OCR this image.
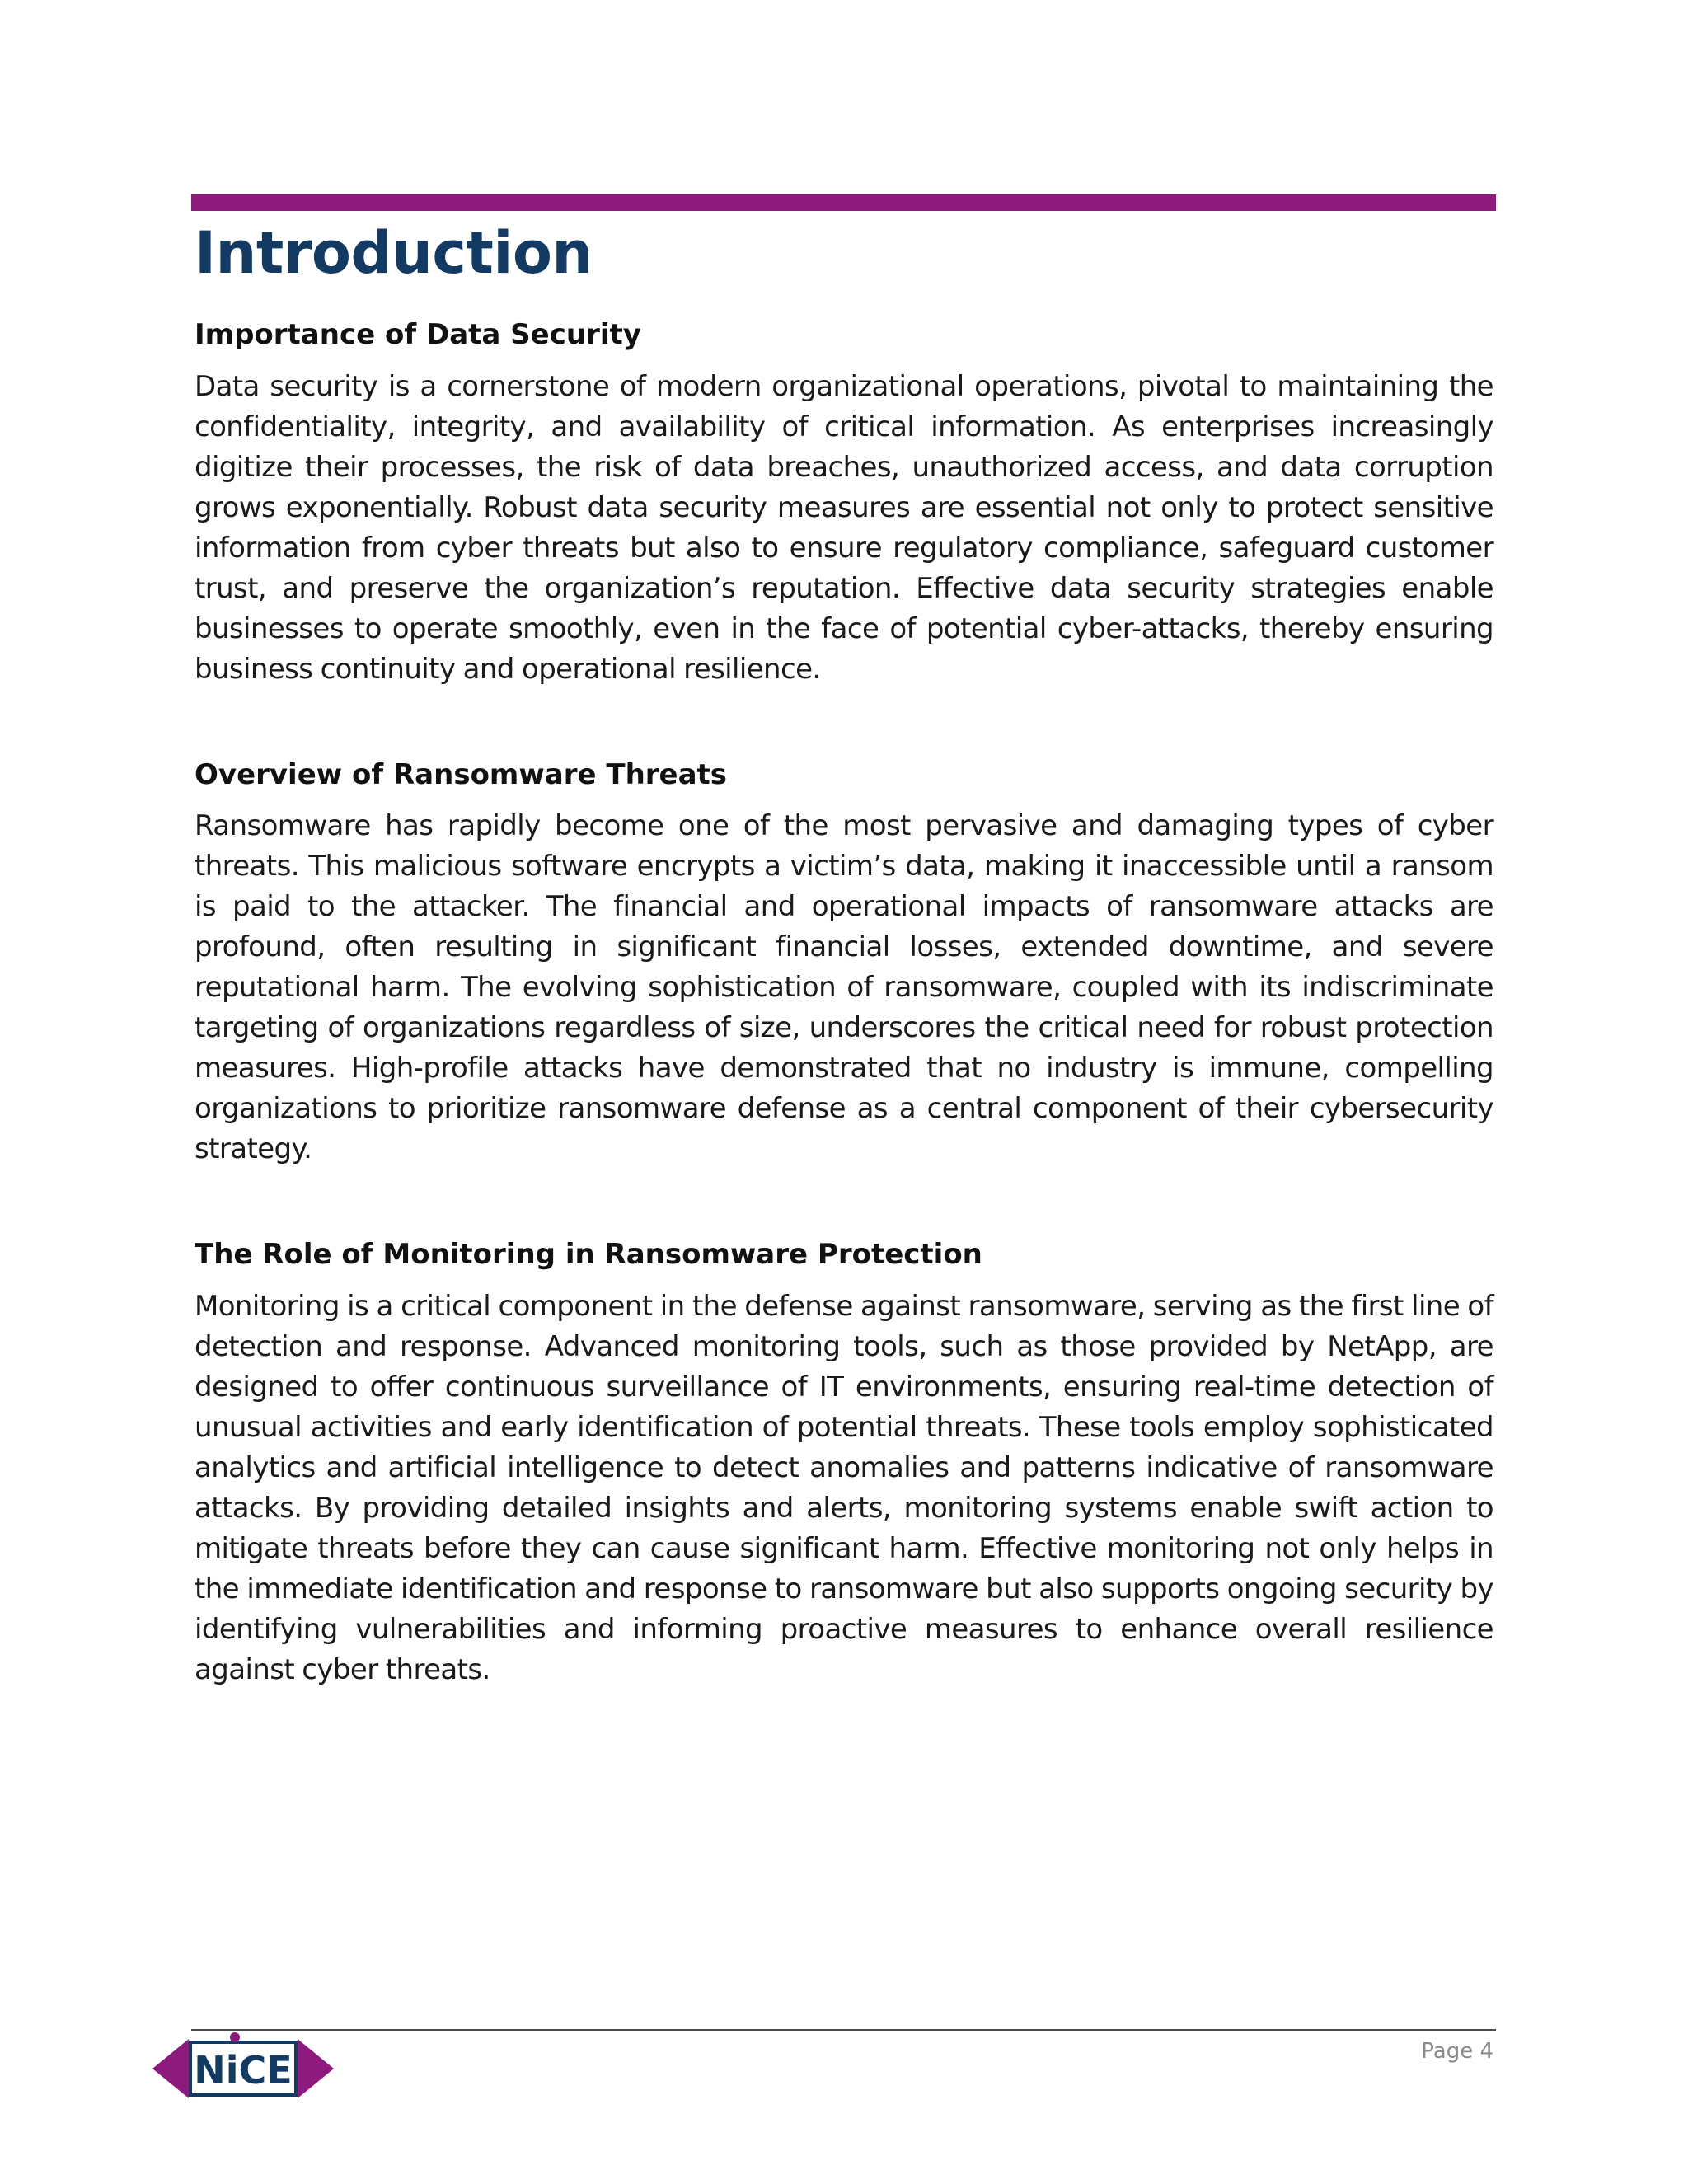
Introduction
Importance of Data Security

Data security is a cornerstone of modern organizational operations, pivotal to maintaining the confidentiality, integrity, and availability of critical information. As enterprises increasingly digitize their processes, the risk of data breaches, unauthorized access, and data corruption grows exponentially. Robust data security measures are essential not only to protect sensitive information from cyber threats but also to ensure regulatory compliance, safeguard customer trust, and preserve the organization’s reputation. Effective data security strategies enable businesses to operate smoothly, even in the face of potential cyber-attacks, thereby ensuring business continuity and operational resilience.

Overview of Ransomware Threats

Ransomware has rapidly become one of the most pervasive and damaging types of cyber threats. This malicious software encrypts a victim’s data, making it inaccessible until a ransom is paid to the attacker. The financial and operational impacts of ransomware attacks are profound, often resulting in significant financial losses, extended downtime, and severe reputational harm. The evolving sophistication of ransomware, coupled with its indiscriminate targeting of organizations regardless of size, underscores the critical need for robust protection measures. High-profile attacks have demonstrated that no industry is immune, compelling organizations to prioritize ransomware defense as a central component of their cybersecurity strategy.

The Role of Monitoring in Ransomware Protection

Monitoring is a critical component in the defense against ransomware, serving as the first line of detection and response. Advanced monitoring tools, such as those provided by NetApp, are designed to offer continuous surveillance of IT environments, ensuring real-time detection of unusual activities and early identification of potential threats. These tools employ sophisticated analytics and artificial intelligence to detect anomalies and patterns indicative of ransomware attacks. By providing detailed insights and alerts, monitoring systems enable swift action to mitigate threats before they can cause significant harm. Effective monitoring not only helps in the immediate identification and response to ransomware but also supports ongoing security by identifying vulnerabilities and informing proactive measures to enhance overall resilience against cyber threats.

NiCE	Page 4
